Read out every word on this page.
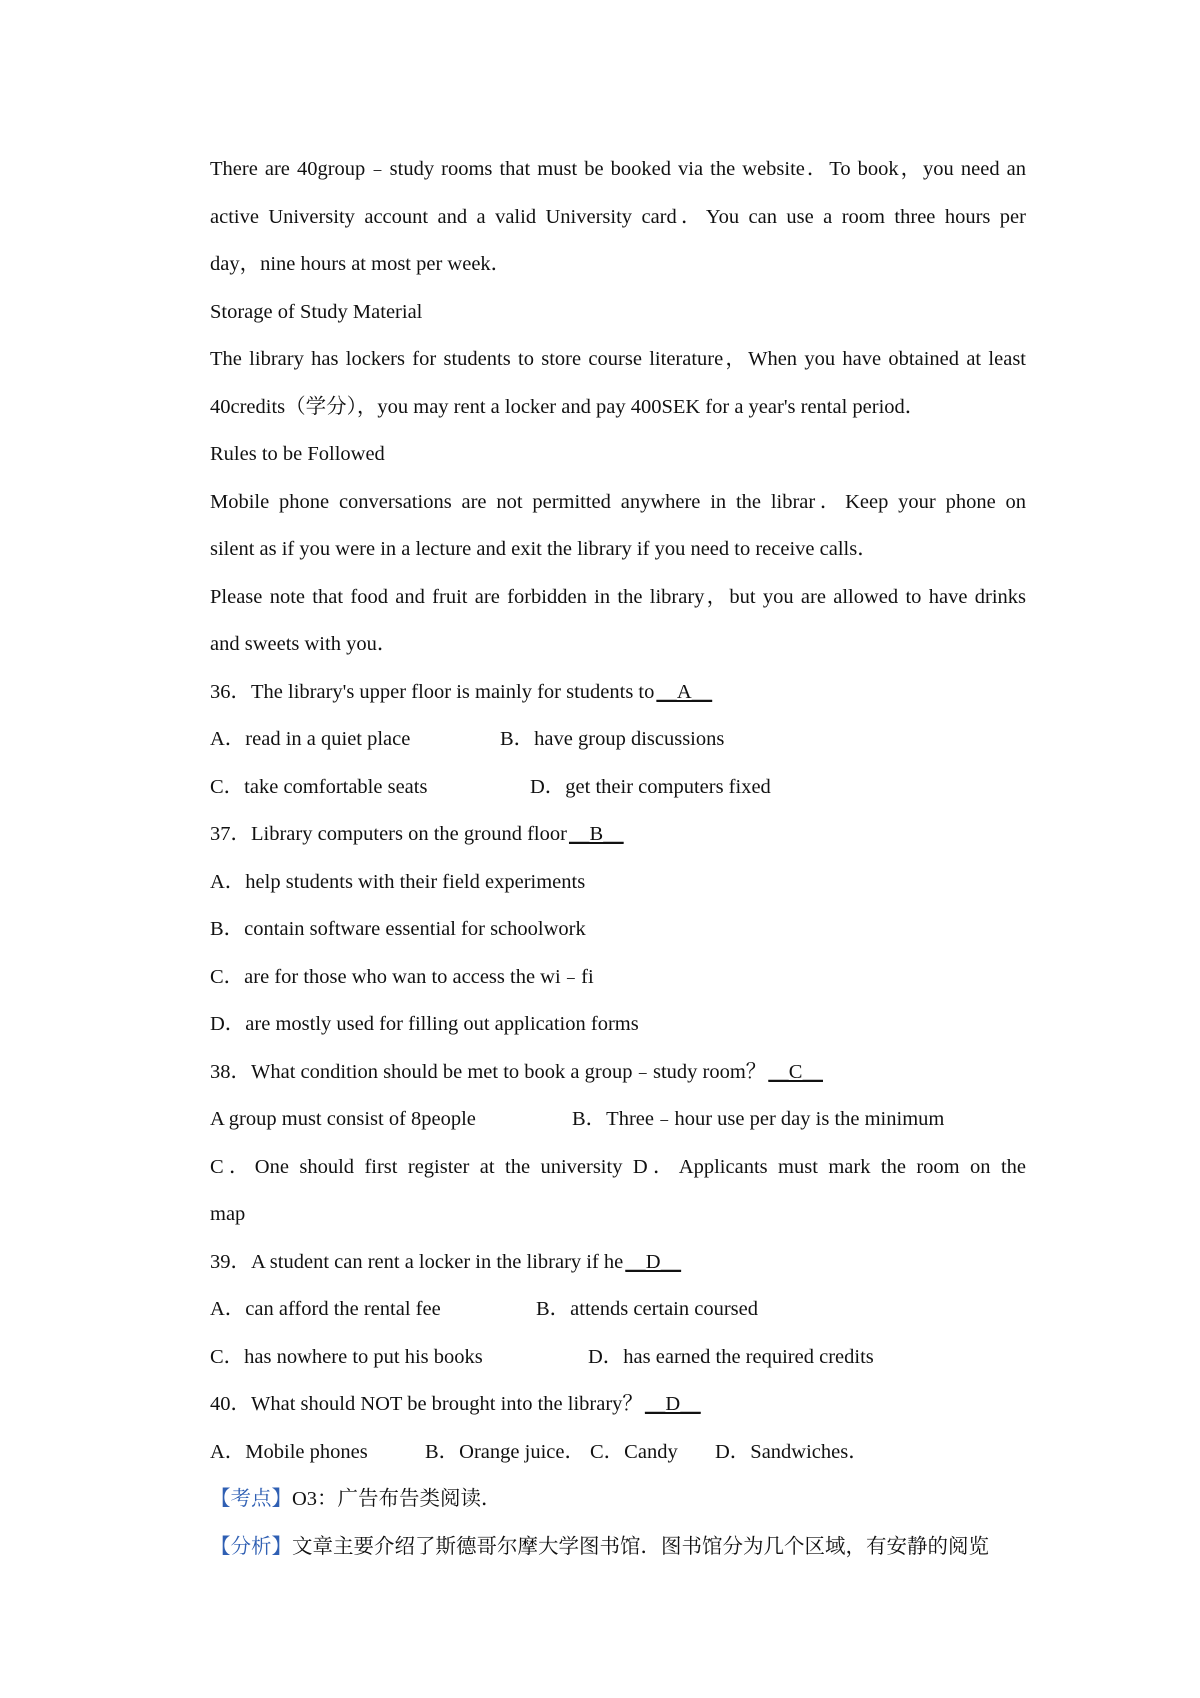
There are 40group﹣study rooms that must be booked via the website．To book，you need an
active University account and a valid University card．You can use a room three hours per
day，nine hours at most per week．
Storage of Study Material
The library has lockers for students to store course literature，When you have obtained at least
40credits（学分），you may rent a locker and pay 400SEK for a year's rental period．
Rules to be Followed
Mobile phone conversations are not permitted anywhere in the librar．Keep your phone on
silent as if you were in a lecture and exit the library if you need to receive calls．
Please note that food and fruit are forbidden in the library，but you are allowed to have drinks
and sweets with you．
36．The library's upper floor is mainly for students to＿A＿
A．read in a quiet place	B．have group discussions
C．take comfortable seats	D．get their computers fixed
37．Library computers on the ground floor＿B＿
A．help students with their field experiments
B．contain software essential for schoolwork
C．are for those who wan to access the wi﹣fi
D．are mostly used for filling out application forms
38．What condition should be met to book a group﹣study room？＿C＿
A group must consist of 8people	B．Three﹣hour use per day is the minimum
C．One should first register at the university D．Applicants must mark the room on the
map
39．A student can rent a locker in the library if he＿D＿
A．can afford the rental fee	B．attends certain coursed
C．has nowhere to put his books	D．has earned the required credits
40．What should NOT be brought into the library？＿D＿
A．Mobile phones	B．Orange juice． C．Candy D．Sandwiches．
【考点】O3：广告布告类阅读．
【分析】文章主要介绍了斯德哥尔摩大学图书馆．图书馆分为几个区域，有安静的阅览
